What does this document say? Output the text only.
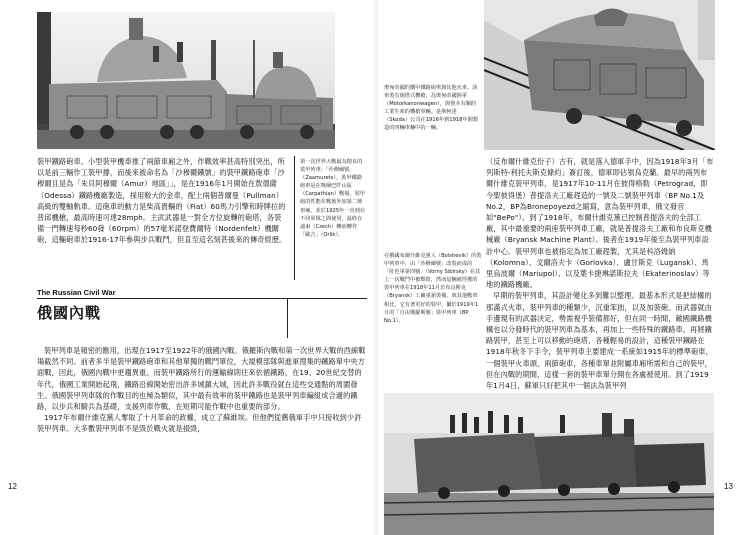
裝甲鐵路砲車。小型裝甲機車推了兩節車廂之外，作戰效率甚高特別突出，所以是前三輛作工裝甲撐，而後來被命名為「沙穆爾鐵號」的裝甲鐵路砲車「沙穆爾且是為「朱貝阿穆爾（Amur）地區」」，是在1916年1月開始在敖德薩（Odessa）鐵路機廠製造，採用較大的金車，配上兩個普爾曼（Pullman）高級的雙軸軌車。這砲車的動力是柴高貴輛的（Fiat）60馬力引擎和時牌拉的普邱機槍，最高時速可達28mph。主武武器是一對全方位旋轉的砲塔，各裝備一門轉速每秒60發（60rpm）的57毫米諾登費爾特（Nordenfelt）機關砲，這輛砲車於1916-17年參與步兵戰鬥，但直至這名刻甚後來的傳奇經歷。

第一次世界大戰最為精良的裝甲列車：「沙穆爾號」（Zaamurets）。裝甲鐵路砲車是在喀爾巴阡山區（Carpathian）戰場，裝甲砲的性能在戰後外加第二節車廂，並於1925年一直到在不同軍隊之間使用，最終在遠東（Czech）轉而轉作「歐吉」（Orlik）。
The Russian Civil War
俄國內戰

裝甲列車是頻密的應用，出現在1917至1922年的俄國內戰。俄羅斯內戰和第一次世界大戰的西線戰場截然不同。前者多半是裝甲鐵路砲車和其他單獨的戰鬥單位，大規模部隊與進軍搜集的鐵路單中央方面戰，因此，俄國內戰中更趨異重。而裝甲鐵路所行的運輸線則往來依循鐵路。在19、20世紀交替的年代，俄國工業開始起飛，鐵路沿線開始密出許多城鎮大城，因此許多戰役就在這些交通點的周圍發生。俄國裝甲列車隊的作戰目的也極為類似，其中最有效率的裝甲鐵路也是裝甲列車編組成合適的鐵路，以步兵和騎兵為基礎，支援列車作戰，在短期可能作戰中也重要的部分。

1917年布爾什維克黨人奪取了十月革命的政權，成立了蘇維埃。但他們從舊俄軍手中只接收到少許裝甲列車。大多數裝甲列車不是毀於戰火就是損毀，

12
奧匈帝國的鐵甲鐵路砲車與其他火車。該車裝有砲塔式機槍，為奧匈帝國陸軍（Motorkanonwagen），與資本有關的工業生產的機槍車輛。是斯柯達（Skoda）公司在1916年到1918年間製造的四輛車輛中的一輛。
在俄國布爾什維克黨人（Bolshevik）的裝甲列車中，由「沙穆爾號」改裝而成的「紅色軍第四號」（Vorny Sibirsky）在其上一次戰鬥中被擊毀，然而這輛被俘獲的裝甲列車在1918年11月於布良斯克（Bryansk）工廠重新裝備。與其他戰車相比，它有著更好的裝甲。攝於1919年1月的「自由俄羅斯號」裝甲列車（BP No.1）。

（反布爾什維克份子）古有，就是落入德軍手中，因為1918年3月「布列斯特-利托夫斯克條約」簽訂後，德軍即佔領烏克蘭。最早的兩列布爾什維克裝甲列車，是1917年10-11月在彼得格勒（Petrograd，即今聖彼得堡）普提洛夫工廠趕造的一號及二號裝甲列車（BP No.1及No.2，BP為Bronepoyezd之縮寫，意為裝甲列車，俄文發音如"BePo"）。到了1918年，布爾什維克黨已控制普提洛夫的全部工廠，其中最重要的兩座裝甲列車工廠，就是普提洛夫工廠和布良斯克機械廠（Bryansk Machine Plant）。後者在1919年後至為裝甲列車設計中心。裝甲列車也被指定為加工廠趕製，尤其是科洛姆納（Kolomna）、戈爾洛夫卡（Gorlovka）、盧甘斯克（Lugansk）、馬里烏波爾（Mariupol）、以及葉卡捷琳諾斯拉夫（Ekaterinoslav）等地的鐵路機廠。

早期的裝甲列車，其設計變化多到難以整理。最基本形式是把結構的那滿式火車，裝甲列車的種類少，沉重笨拙，以及加裝砲。而武器就由手邊現有的武器決定，勢需視乎裝備都好，但在同一時間，敵國鐵路機構也以分發時代的裝甲列車為基本，再加上一些特殊的鐵路車，再將鐵路裝甲，甚至上可以移動的砲塔，各種輕易的設計，這種裝甲鐵路在1918年秋冬下手令，裝甲列車主要建成一系統如1915年的標準砲車，一個裝甲火車頭，兩節砲車，各種車單並附屬車廂所需和自己的裝甲，但在內戰的期間，這樣一套的裝甲車單分開在各處被使用。到了1919年1月4日，蘇軍只好把其中一個法為裝甲列

13
